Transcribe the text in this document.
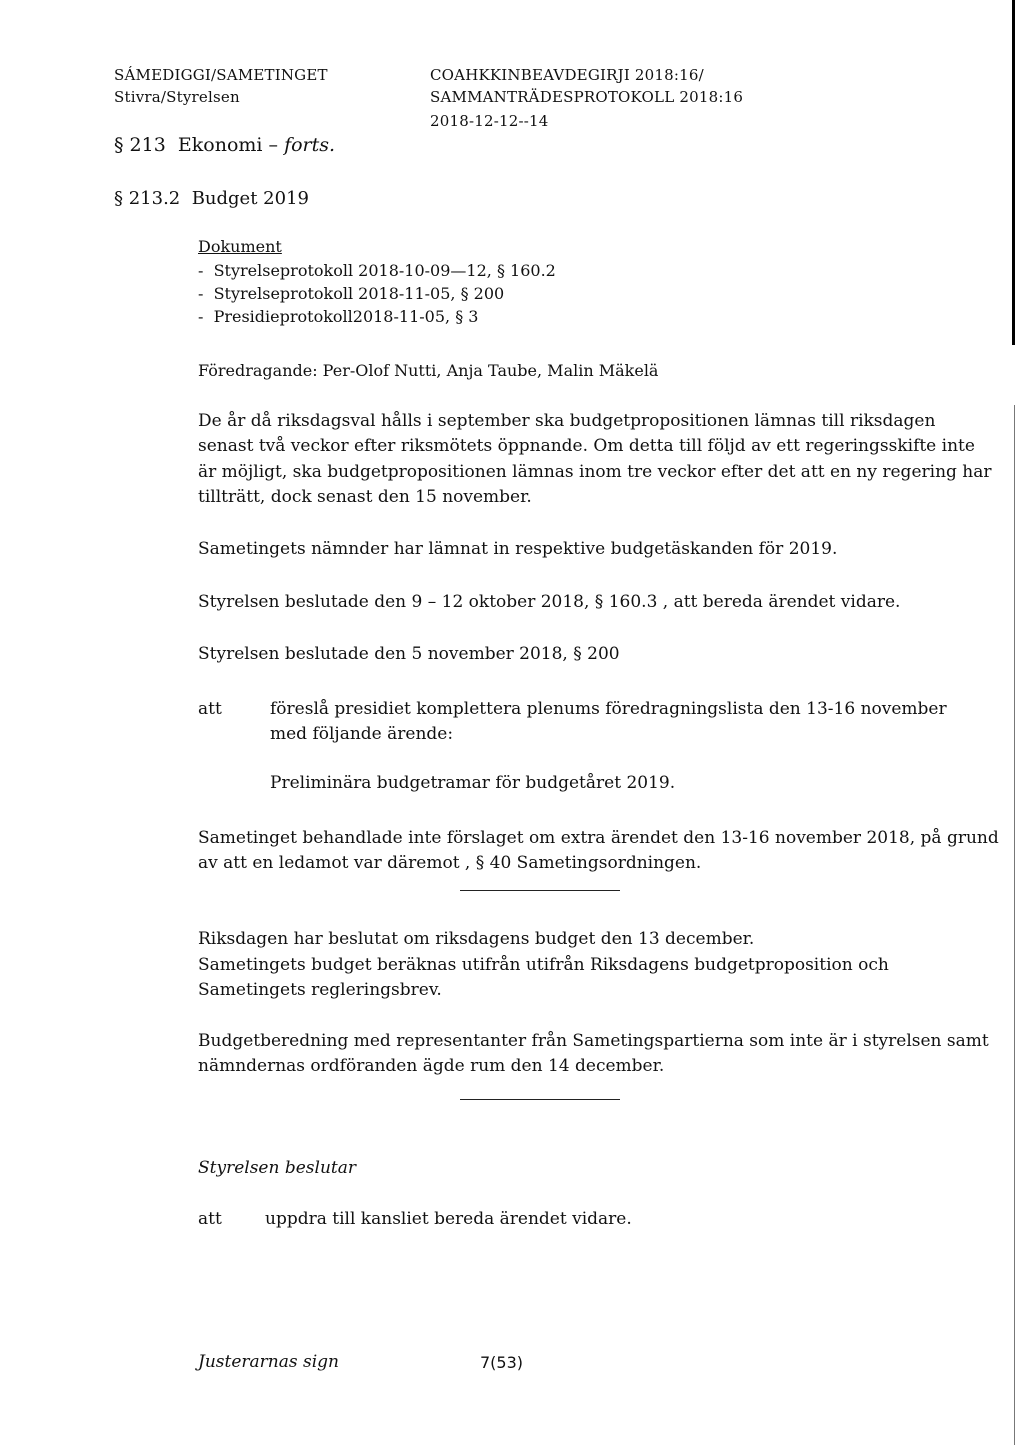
SÁMEDIGGI/SAMETINGET
Stivra/Styrelsen
COAHKKINBEAVDEGIRJI 2018:16/
SAMMANTRÄDESPROTOKOLL 2018:16
2018-12-12--14
§ 213  Ekonomi – forts.
§ 213.2  Budget 2019
Dokument
-  Styrelseprotokoll 2018-10-09—12, § 160.2
-  Styrelseprotokoll 2018-11-05, § 200
-  Presidieprotokoll2018-11-05, § 3
Föredragande: Per-Olof Nutti, Anja Taube, Malin Mäkelä
De år då riksdagsval hålls i september ska budgetpropositionen lämnas till riksdagen
senast två veckor efter riksmötets öppnande. Om detta till följd av ett regeringsskifte inte
är möjligt, ska budgetpropositionen lämnas inom tre veckor efter det att en ny regering har
tillträtt, dock senast den 15 november.
Sametingets nämnder har lämnat in respektive budgetäskanden för 2019.
Styrelsen beslutade den 9 – 12 oktober 2018, § 160.3 , att bereda ärendet vidare.
Styrelsen beslutade den 5 november 2018, § 200
att	föreslå presidiet komplettera plenums föredragningslista den 13-16 november
med följande ärende:
Preliminära budgetramar för budgetåret 2019.
Sametinget behandlade inte förslaget om extra ärendet den 13-16 november 2018, på grund
av att en ledamot var däremot , § 40 Sametingsordningen.
Riksdagen har beslutat om riksdagens budget den 13 december.
Sametingets budget beräknas utifrån utifrån Riksdagens budgetproposition och
Sametingets regleringsbrev.
Budgetberedning med representanter från Sametingspartierna som inte är i styrelsen samt
nämndernas ordföranden ägde rum den 14 december.
Styrelsen beslutar
att	uppdra till kansliet bereda ärendet vidare.
Justerarnas sign	7(53)
